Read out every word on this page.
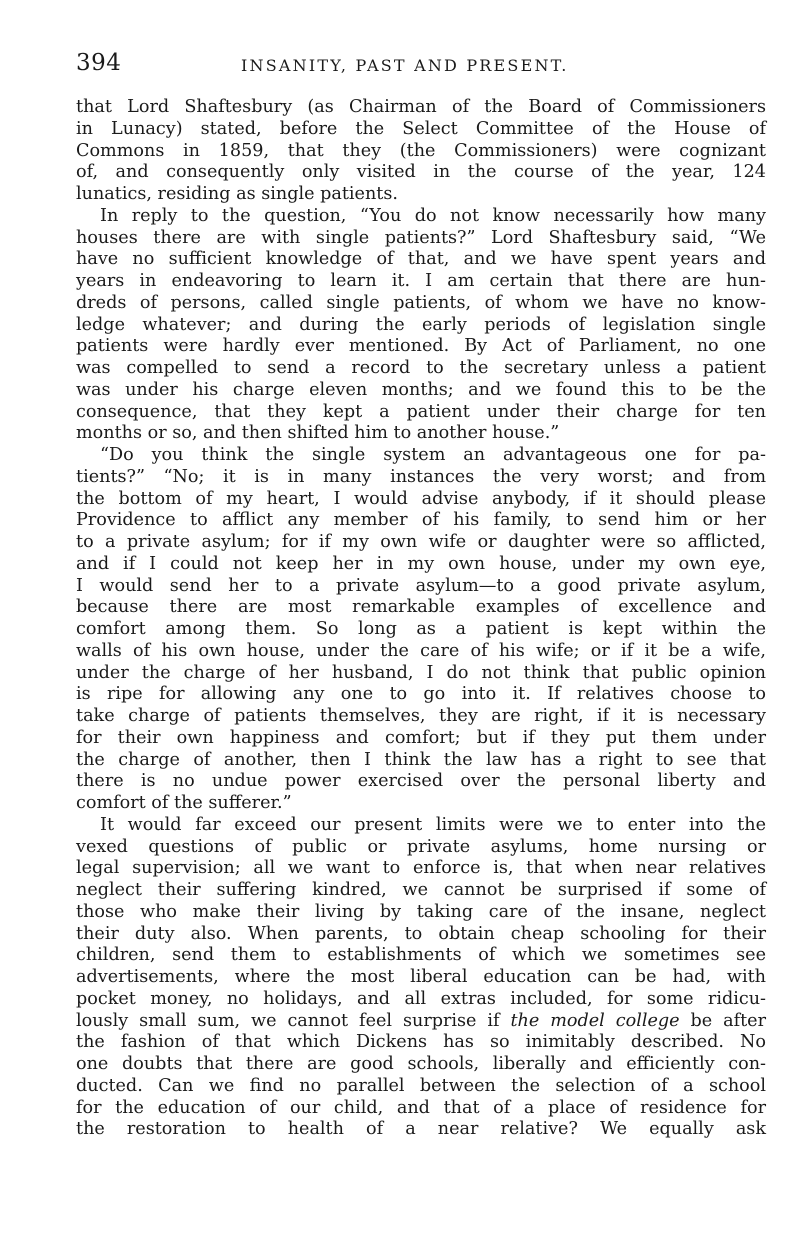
394	INSANITY, PAST AND PRESENT.
that Lord Shaftesbury (as Chairman of the Board of Commissioners
in Lunacy) stated, before the Select Committee of the House of
Commons in 1859, that they (the Commissioners) were cognizant
of, and consequently only visited in the course of the year, 124
lunatics, residing as single patients.
In reply to the question, “You do not know necessarily how many
houses there are with single patients?” Lord Shaftesbury said, “We
have no sufficient knowledge of that, and we have spent years and
years in endeavoring to learn it. I am certain that there are hun-
dreds of persons, called single patients, of whom we have no know-
ledge whatever; and during the early periods of legislation single
patients were hardly ever mentioned. By Act of Parliament, no one
was compelled to send a record to the secretary unless a patient
was under his charge eleven months; and we found this to be the
consequence, that they kept a patient under their charge for ten
months or so, and then shifted him to another house.”
“Do you think the single system an advantageous one for pa-
tients?” “No; it is in many instances the very worst; and from
the bottom of my heart, I would advise anybody, if it should please
Providence to afflict any member of his family, to send him or her
to a private asylum; for if my own wife or daughter were so afflicted,
and if I could not keep her in my own house, under my own eye,
I would send her to a private asylum—to a good private asylum,
because there are most remarkable examples of excellence and
comfort among them. So long as a patient is kept within the
walls of his own house, under the care of his wife; or if it be a wife,
under the charge of her husband, I do not think that public opinion
is ripe for allowing any one to go into it. If relatives choose to
take charge of patients themselves, they are right, if it is necessary
for their own happiness and comfort; but if they put them under
the charge of another, then I think the law has a right to see that
there is no undue power exercised over the personal liberty and
comfort of the sufferer.”
It would far exceed our present limits were we to enter into the
vexed questions of public or private asylums, home nursing or
legal supervision; all we want to enforce is, that when near relatives
neglect their suffering kindred, we cannot be surprised if some of
those who make their living by taking care of the insane, neglect
their duty also. When parents, to obtain cheap schooling for their
children, send them to establishments of which we sometimes see
advertisements, where the most liberal education can be had, with
pocket money, no holidays, and all extras included, for some ridicu-
lously small sum, we cannot feel surprise if the model college be after
the fashion of that which Dickens has so inimitably described. No
one doubts that there are good schools, liberally and efficiently con-
ducted. Can we find no parallel between the selection of a school
for the education of our child, and that of a place of residence for
the restoration to health of a near relative? We equally ask
